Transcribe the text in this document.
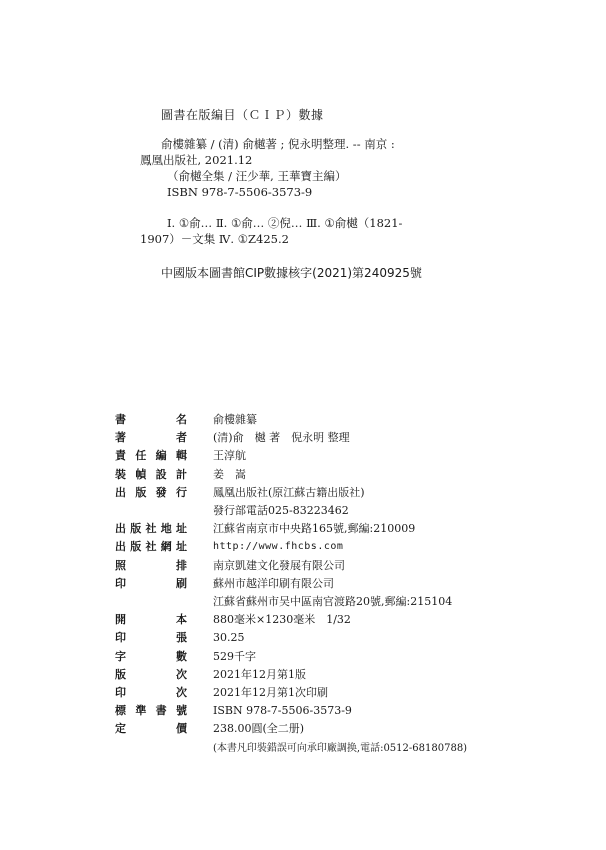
圖書在版編目（ＣＩＰ）數據
俞樓雜纂 / (清) 俞樾著 ; 倪永明整理. -- 南京 :
鳳凰出版社, 2021.12
（俞樾全集 / 汪少華, 王華寶主編）
ISBN 978-7-5506-3573-9
Ⅰ. ①俞… Ⅱ. ①俞… ②倪… Ⅲ. ①俞樾（1821-
1907）－文集 Ⅳ. ①Z425.2
中國版本圖書館CIP數據核字(2021)第240925號
書	名 俞樓雜纂
著	者 (清)俞　樾 著　倪永明 整理
責 任 編 輯 王淳航
裝 幀 設 計 姜　嵩
出 版 發 行 鳳凰出版社(原江蘇古籍出版社)
發行部電話025-83223462
出 版 社 地 址 江蘇省南京市中央路165號,郵編:210009
出 版 社 網 址	http://www.fhcbs.com
照	排 南京凱建文化發展有限公司
印	刷 蘇州市越洋印刷有限公司
江蘇省蘇州市吴中區南官渡路20號,郵編:215104
開	本 880毫米×1230毫米　1/32
印	張 30.25
字	數 529千字
版	次 2021年12月第1版
印	次 2021年12月第1次印刷
標 準 書 號 ISBN 978-7-5506-3573-9
定	價 238.00圓(全二册)
(本書凡印裝錯誤可向承印廠調换,電話:0512-68180788)
